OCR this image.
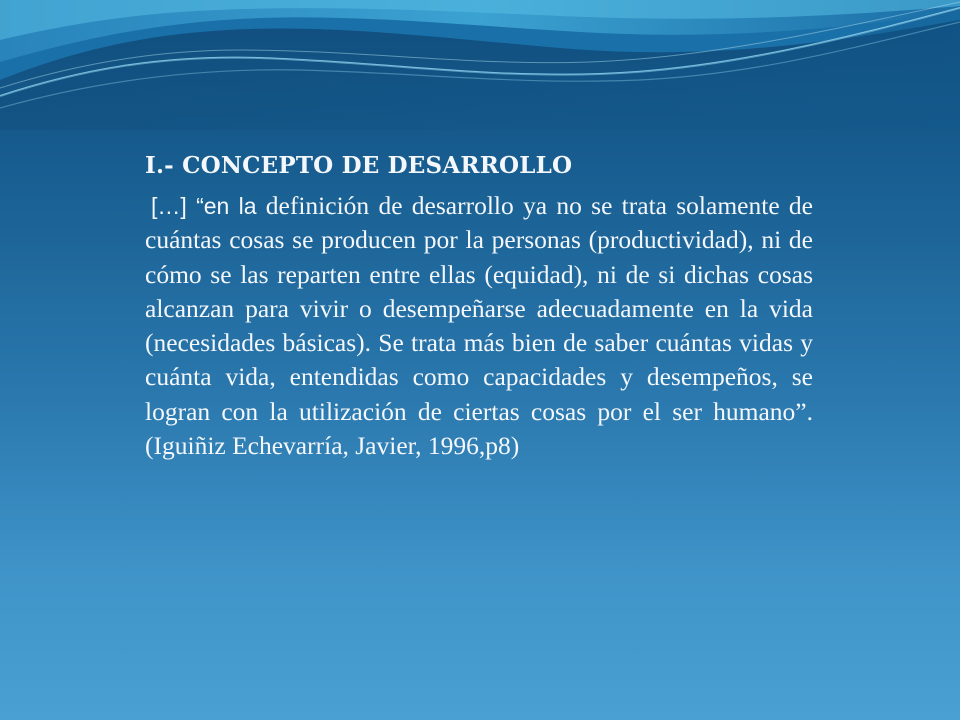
I.- CONCEPTO DE DESARROLLO

[…] “en la definición de desarrollo ya no se trata solamente de cuántas cosas se producen por la personas (productividad), ni de cómo se las reparten entre ellas (equidad), ni de si dichas cosas alcanzan para vivir o desempeñarse adecuadamente en la vida (necesidades básicas). Se trata más bien de saber cuántas vidas y cuánta vida, entendidas como capacidades y desempeños, se logran con la utilización de ciertas cosas por el ser humano”. (Iguiñiz Echevarría, Javier, 1996,p8)
